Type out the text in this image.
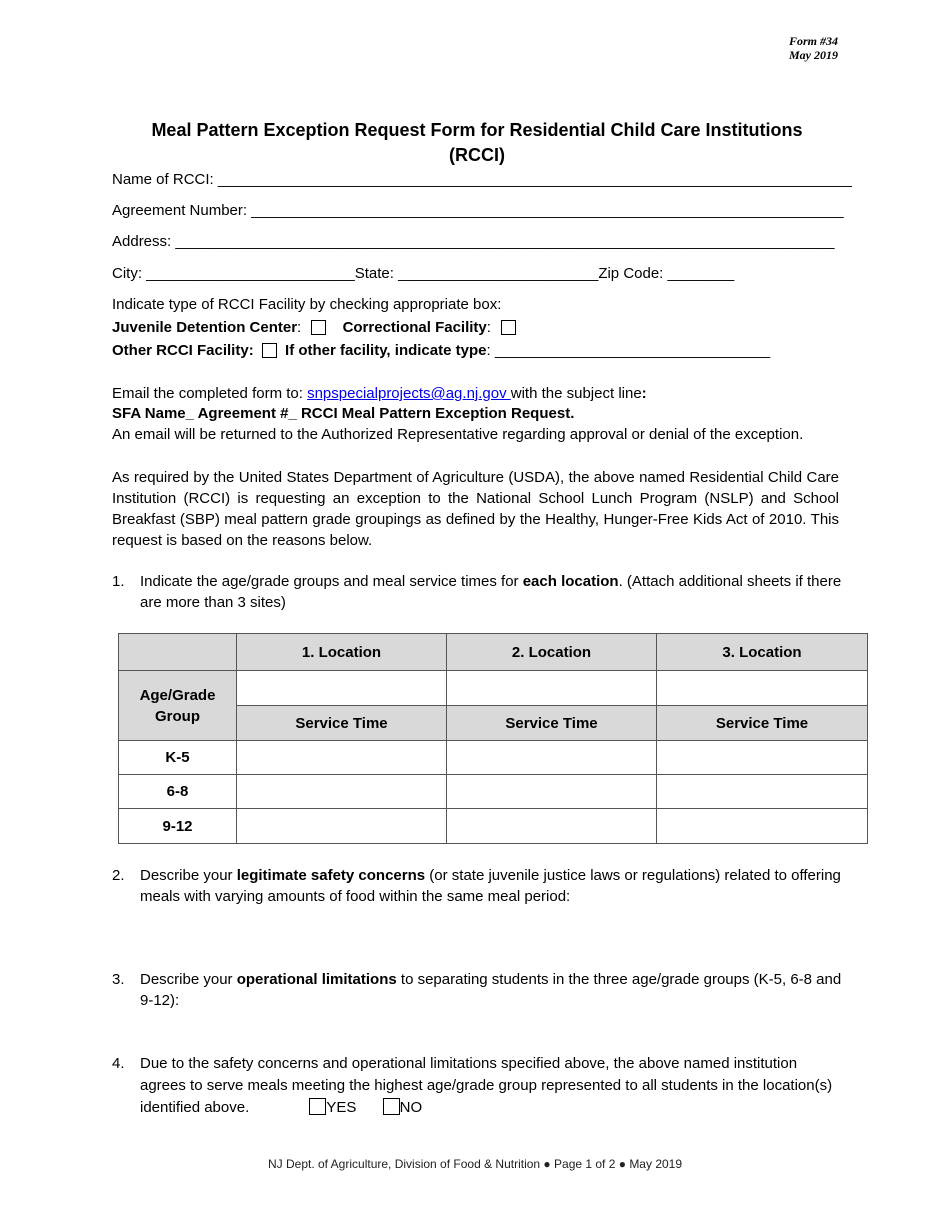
Form #34
May 2019
Meal Pattern Exception Request Form for Residential Child Care Institutions
(RCCI)
Name of RCCI: ____________________________________________________________________________
Agreement Number: _______________________________________________________________________
Address: _______________________________________________________________________________
City: _________________________State: ________________________Zip Code: ________
Indicate type of RCCI Facility by checking appropriate box:
Juvenile Detention Center:	Correctional Facility:
Other RCCI Facility: If other facility, indicate type: _________________________________
Email the completed form to: snpspecialprojects@ag.nj.gov with the subject line:
SFA Name_ Agreement #_ RCCI Meal Pattern Exception Request.
An email will be returned to the Authorized Representative regarding approval or denial of the exception.
As required by the United States Department of Agriculture (USDA), the above named Residential Child Care Institution (RCCI) is requesting an exception to the National School Lunch Program (NSLP) and School Breakfast (SBP) meal pattern grade groupings as defined by the Healthy, Hunger-Free Kids Act of 2010. This request is based on the reasons below.
1. Indicate the age/grade groups and meal service times for each location. (Attach additional sheets if there are more than 3 sites)
	1. Location	2. Location	3. Location

Age/Grade Group			

	Service Time	Service Time	Service Time
K-5			
6-8			
9-12			
2. Describe your legitimate safety concerns (or state juvenile justice laws or regulations) related to offering meals with varying amounts of food within the same meal period:
3. Describe your operational limitations to separating students in the three age/grade groups (K-5, 6-8 and 9-12):
4. Due to the safety concerns and operational limitations specified above, the above named institution agrees to serve meals meeting the highest age/grade group represented to all students in the location(s) identified above.	YES	NO
NJ Dept. of Agriculture, Division of Food & Nutrition ● Page 1 of 2 ● May 2019
